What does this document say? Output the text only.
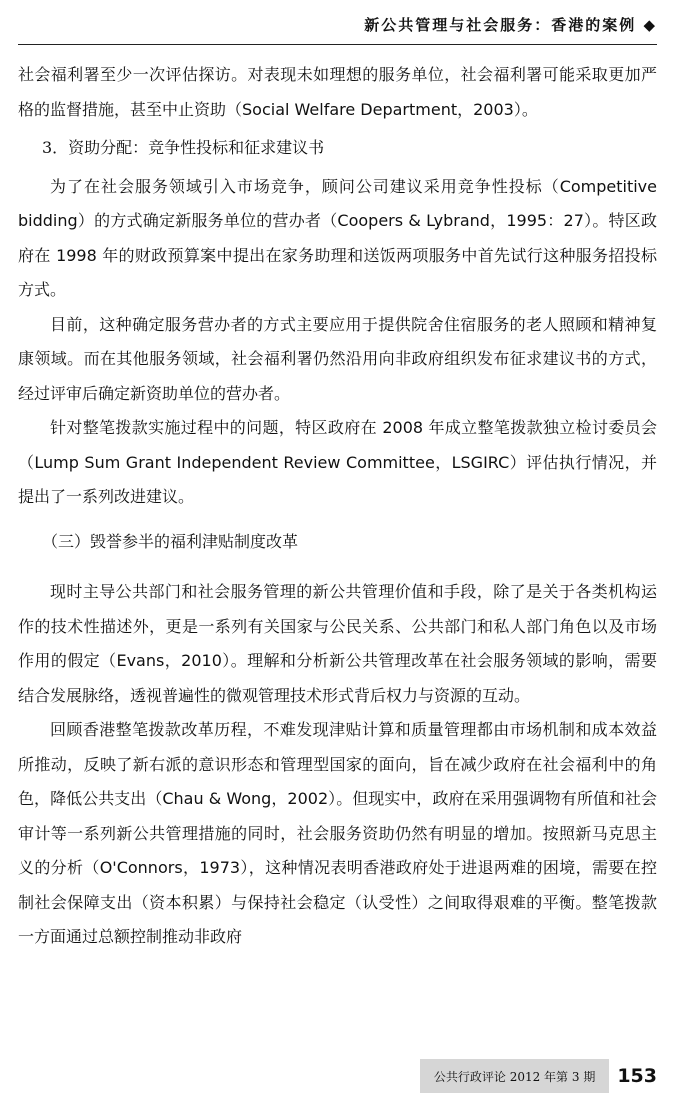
新公共管理与社会服务：香港的案例 ◆

社会福利署至少一次评估探访。对表现未如理想的服务单位，社会福利署可能采取更加严格的监督措施，甚至中止资助（Social Welfare Department，2003）。

3．资助分配：竞争性投标和征求建议书

为了在社会服务领域引入市场竞争，顾问公司建议采用竞争性投标（Competitive bidding）的方式确定新服务单位的营办者（Coopers & Lybrand，1995：27）。特区政府在 1998 年的财政预算案中提出在家务助理和送饭两项服务中首先试行这种服务招投标方式。

目前，这种确定服务营办者的方式主要应用于提供院舍住宿服务的老人照顾和精神复康领域。而在其他服务领域，社会福利署仍然沿用向非政府组织发布征求建议书的方式，经过评审后确定新资助单位的营办者。

针对整笔拨款实施过程中的问题，特区政府在 2008 年成立整笔拨款独立检讨委员会（Lump Sum Grant Independent Review Committee，LSGIRC）评估执行情况，并提出了一系列改进建议。

（三）毁誉参半的福利津贴制度改革

现时主导公共部门和社会服务管理的新公共管理价值和手段，除了是关于各类机构运作的技术性描述外，更是一系列有关国家与公民关系、公共部门和私人部门角色以及市场作用的假定（Evans，2010）。理解和分析新公共管理改革在社会服务领域的影响，需要结合发展脉络，透视普遍性的微观管理技术形式背后权力与资源的互动。

回顾香港整笔拨款改革历程，不难发现津贴计算和质量管理都由市场机制和成本效益所推动，反映了新右派的意识形态和管理型国家的面向，旨在减少政府在社会福利中的角色，降低公共支出（Chau & Wong，2002）。但现实中，政府在采用强调物有所值和社会审计等一系列新公共管理措施的同时，社会服务资助仍然有明显的增加。按照新马克思主义的分析（O'Connors，1973），这种情况表明香港政府处于进退两难的困境，需要在控制社会保障支出（资本积累）与保持社会稳定（认受性）之间取得艰难的平衡。整笔拨款一方面通过总额控制推动非政府

公共行政评论 2012 年第 3 期	153
